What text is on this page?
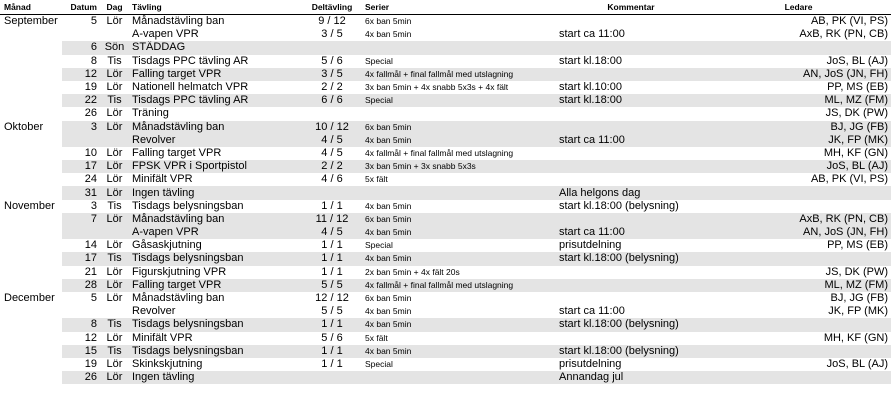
Månad	Datum	Dag	Tävling	Deltävling	Serier	Kommentar	Ledare
September	5	Lör	Månadstävling ban	9 / 12	6x ban 5min		AB, PK (VI, PS)
			A-vapen VPR	3 / 5	4x ban 5min	start ca 11:00	AxB, RK (PN, CB)
	6	Sön	STÄDDAG				
	8	Tis	Tisdags PPC tävling AR	5 / 6	Special	start kl.18:00	JoS, BL (AJ)
	12	Lör	Falling target VPR	3 / 5	4x fallmål + final fallmål med utslagning		AN, JoS (JN, FH)
	19	Lör	Nationell helmatch VPR	2 / 2	3x ban 5min + 4x snabb 5x3s + 4x fält	start kl.10:00	PP, MS (EB)
	22	Tis	Tisdags PPC tävling AR	6 / 6	Special	start kl.18:00	ML, MZ (FM)
	26	Lör	Träning				JS, DK (PW)
Oktober	3	Lör	Månadstävling ban	10 / 12	6x ban 5min		BJ, JG (FB)
			Revolver	4 / 5	4x ban 5min	start ca 11:00	JK, FP (MK)
	10	Lör	Falling target VPR	4 / 5	4x fallmål + final fallmål med utslagning		MH, KF (GN)
	17	Lör	FPSK VPR i Sportpistol	2 / 2	3x ban 5min + 3x snabb 5x3s		JoS, BL (AJ)
	24	Lör	Minifält VPR	4 / 6	5x fält		AB, PK (VI, PS)
	31	Lör	Ingen tävling			Alla helgons dag	
November	3	Tis	Tisdags belysningsban	1 / 1	4x ban 5min	start kl.18:00 (belysning)	
	7	Lör	Månadstävling ban	11 / 12	6x ban 5min		AxB, RK (PN, CB)
			A-vapen VPR	4 / 5	4x ban 5min	start ca 11:00	AN, JoS (JN, FH)
	14	Lör	Gåsaskjutning	1 / 1	Special	prisutdelning	PP, MS (EB)
	17	Tis	Tisdags belysningsban	1 / 1	4x ban 5min	start kl.18:00 (belysning)	
	21	Lör	Figurskjutning VPR	1 / 1	2x ban 5min + 4x fält 20s		JS, DK (PW)
	28	Lör	Falling target VPR	5 / 5	4x fallmål + final fallmål med utslagning		ML, MZ (FM)
December	5	Lör	Månadstävling ban	12 / 12	6x ban 5min		BJ, JG (FB)
			Revolver	5 / 5	4x ban 5min	start ca 11:00	JK, FP (MK)
	8	Tis	Tisdags belysningsban	1 / 1	4x ban 5min	start kl.18:00 (belysning)	
	12	Lör	Minifält VPR	5 / 6	5x fält		MH, KF (GN)
	15	Tis	Tisdags belysningsban	1 / 1	4x ban 5min	start kl.18:00 (belysning)	
	19	Lör	Skinkskjutning	1 / 1	Special	prisutdelning	JoS, BL (AJ)
	26	Lör	Ingen tävling			Annandag jul	
